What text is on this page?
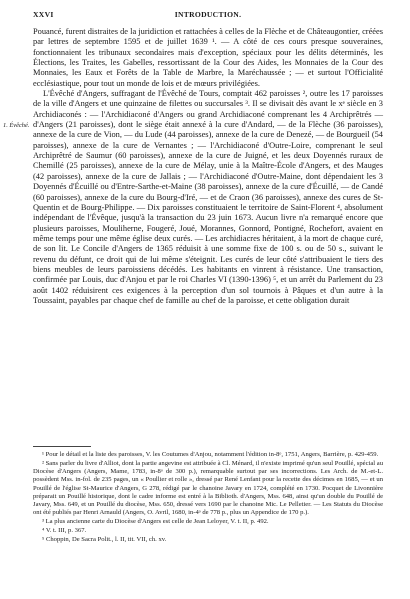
XXVI	INTRODUCTION.
1. Évêché.

Pouancé, furent distraites de la juridiction et rattachées à celles de la Flèche et de Châteaugontier, créées par lettres de septembre 1595 et de juillet 1639 ¹. — A côté de ces cours presque souveraines, fonctionnaient les tribunaux secondaires mais d'exception, spéciaux pour les délits déterminés, les Élections, les Traites, les Gabelles, ressortissant de la Cour des Aides, les Monnaies de la Cour des Monnaies, les Eaux et Forêts de la Table de Marbre, la Maréchaussée ; — et surtout l'Officialité ecclésiastique, pour tout un monde de lois et de mœurs privilégiées.

L'Évêché d'Angers, suffragant de l'Évêché de Tours, comptait 462 paroisses ², outre les 17 paroisses de la ville d'Angers et une quinzaine de filettes ou succursales ³. Il se divisait dès avant le xᵉ siècle en 3 Archidiaconés : — l'Archidiaconé d'Angers ou grand Archidiaconé comprenant les 4 Archiprêtrés — d'Angers (21 paroisses), dont le siège était annexé à la cure d'Andard, — de la Flèche (36 paroisses), annexe de la cure de Vion, — du Lude (44 paroisses), annexe de la cure de Denezé, — de Bourgueil (54 paroisses), annexe de la cure de Vernantes ; — l'Archidiaconé d'Outre-Loire, comprenant le seul Archiprêtré de Saumur (60 paroisses), annexe de la cure de Juigné, et les deux Doyennés ruraux de Chemillé (25 paroisses), annexe de la cure de Mélay, unie à la Maître-École d'Angers, et des Mauges (42 paroisses), annexe de la cure de Jallais ; — l'Archidiaconé d'Outre-Maine, dont dépendaient les 3 Doyennés d'Écuillé ou d'Entre-Sarthe-et-Maine (38 paroisses), annexe de la cure d'Écuillé, — de Candé (60 paroisses), annexe de la cure du Bourg-d'Iré, — et de Craon (36 paroisses), annexe des cures de St-Quentin et de Bourg-Philippe. — Dix paroisses constituaient le territoire de Saint-Florent ⁴, absolument indépendant de l'Évêque, jusqu'à la transaction du 23 juin 1673. Aucun livre n'a remarqué encore que plusieurs paroisses, Mouliherne, Fougeré, Joué, Morannes, Gonnord, Pontigné, Rochefort, avaient en même temps pour une même église deux curés. — Les archidiacres héritaient, à la mort de chaque curé, de son lit. Le Concile d'Angers de 1365 réduisit à une somme fixe de 100 s. ou de 50 s., suivant le revenu du défunt, ce droit qui de lui même s'éteignit. Les curés de leur côté s'attribuaient le tiers des biens meubles de leurs paroissiens décédés. Les habitants en vinrent à résistance. Une transaction, confirmée par Louis, duc d'Anjou et par le roi Charles VI (1390-1396) ⁵, et un arrêt du Parlement du 23 août 1402 réduisirent ces exigences à la perception d'un sol tournois à Pâques et d'un autre à la Toussaint, payables par chaque chef de famille au chef de la paroisse, et cette obligation durait

¹ Pour le détail et la liste des paroisses, V. les Coutumes d'Anjou, notamment l'édition in-8ᵒ, 1751, Angers, Barrière, p. 429-459.

² Sans parler du livre d'Alliot, dont la partie angevine est attribuée à Cl. Ménard, il n'existe imprimé qu'un seul Pouillé, spécial au Diocèse d'Angers (Angers, Mame, 1783, in-8ᵒ de 300 p.), remarquable surtout par ses incorrections. Les Arch. de M.-et-L. possèdent Mss. in-fol. de 235 pages, un « Poullier et rolle », dressé par René Lenfant pour la recette des décimes en 1685, — et un Pouillé de l'église St-Maurice d'Angers, G 278, rédigé par le chanoine Javary en 1724, complété en 1730. Pocquet de Livonnière préparait un Pouillé historique, dont le cadre informe est entré à la Biblioth. d'Angers, Mss. 648, ainsi qu'un double du Pouillé de Javary, Mss. 649, et un Pouillé du diocèse, Mss. 650, dressé vers 1690 par le chanoine Mic. Le Pelletier. — Les Statuts du Diocèse ont été publiés par Henri Arnauld (Angers, O. Avril, 1680, in-4ᵒ de 778 p., plus un Appendice de 170 p.).

³ La plus ancienne carte du Diocèse d'Angers est celle de Jean Leloyer, V. t. II, p. 492.

⁴ V. t. III, p. 367.

⁵ Choppin, De Sacra Polit., l. II, tit. VII, ch. xv.
